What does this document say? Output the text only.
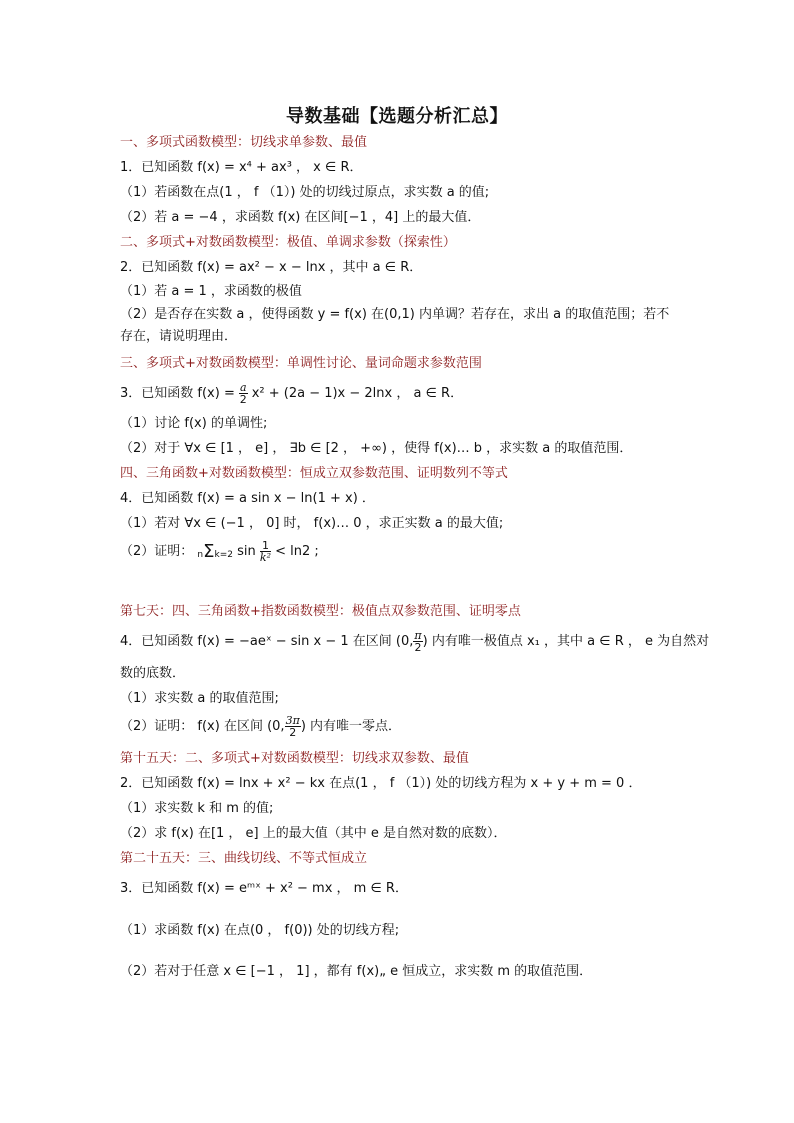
导数基础【选题分析汇总】
一、多项式函数模型：切线求单参数、最值
1．已知函数 f(x) = x⁴ + ax³ ， x ∈ R．
（1）若函数在点(1 ， f （1）) 处的切线过原点，求实数 a 的值;
（2）若 a = −4 ，求函数 f(x) 在区间[−1 ，4] 上的最大值．
二、多项式+对数函数模型：极值、单调求参数（探索性）
2．已知函数 f(x) = ax² − x − lnx ，其中 a ∈ R．
（1）若 a = 1 ，求函数的极值
（2）是否存在实数 a ，使得函数 y = f(x) 在(0,1) 内单调？若存在，求出 a 的取值范围；若不存在，请说明理由．
三、多项式+对数函数模型：单调性讨论、量词命题求参数范围
3．已知函数 $f(x) = \frac{a}{2} x^2 + (2a - 1)x - 2\ln x$ ， a ∈ R．
（1）讨论 f(x) 的单调性;
（2）对于 ∀x ∈ [1 ， e] ， ∃b ∈ [2 ， +∞) ，使得 f(x)… b ，求实数 a 的取值范围．
四、三角函数+对数函数模型：恒成立双参数范围、证明数列不等式
4．已知函数 f(x) = a sin x − ln(1 + x) ．
（1）若对 ∀x ∈ (−1 ， 0] 时， f(x)… 0 ，求正实数 a 的最大值;
（2）证明： nΣk=2 $\sin \frac{1}{\text{k²}} < \ln 2$ ;
第七天：四、三角函数+指数函数模型：极值点双参数范围、证明零点
4．已知函数 f(x) = −aeˣ − sin x − 1 在区间 (0, $\frac{\pi}{2}$ ) 内有唯一极值点 x₁ ，其中 a ∈ R ， e 为自然对
数的底数．
（1）求实数 a 的取值范围;
（2）证明： f(x) 在区间 (0, $\frac{3\pi}{2}$ ) 内有唯一零点．
第十五天：二、多项式+对数函数模型：切线求双参数、最值
2．已知函数 f(x) = lnx + x² − kx 在点(1 ， f （1）) 处的切线方程为 x + y + m = 0 ．
（1）求实数 k 和 m 的值;
（2）求 f(x) 在[1 ， e] 上的最大值（其中 e 是自然对数的底数）．
第二十五天：三、曲线切线、不等式恒成立
3．已知函数 f(x) = eᵐˣ + x² − mx ， m ∈ R．
（1）求函数 f(x) 在点(0 ， f(0)) 处的切线方程;
（2）若对于任意 x ∈ [−1 ， 1] ，都有 f(x)„ e 恒成立，求实数 m 的取值范围．
